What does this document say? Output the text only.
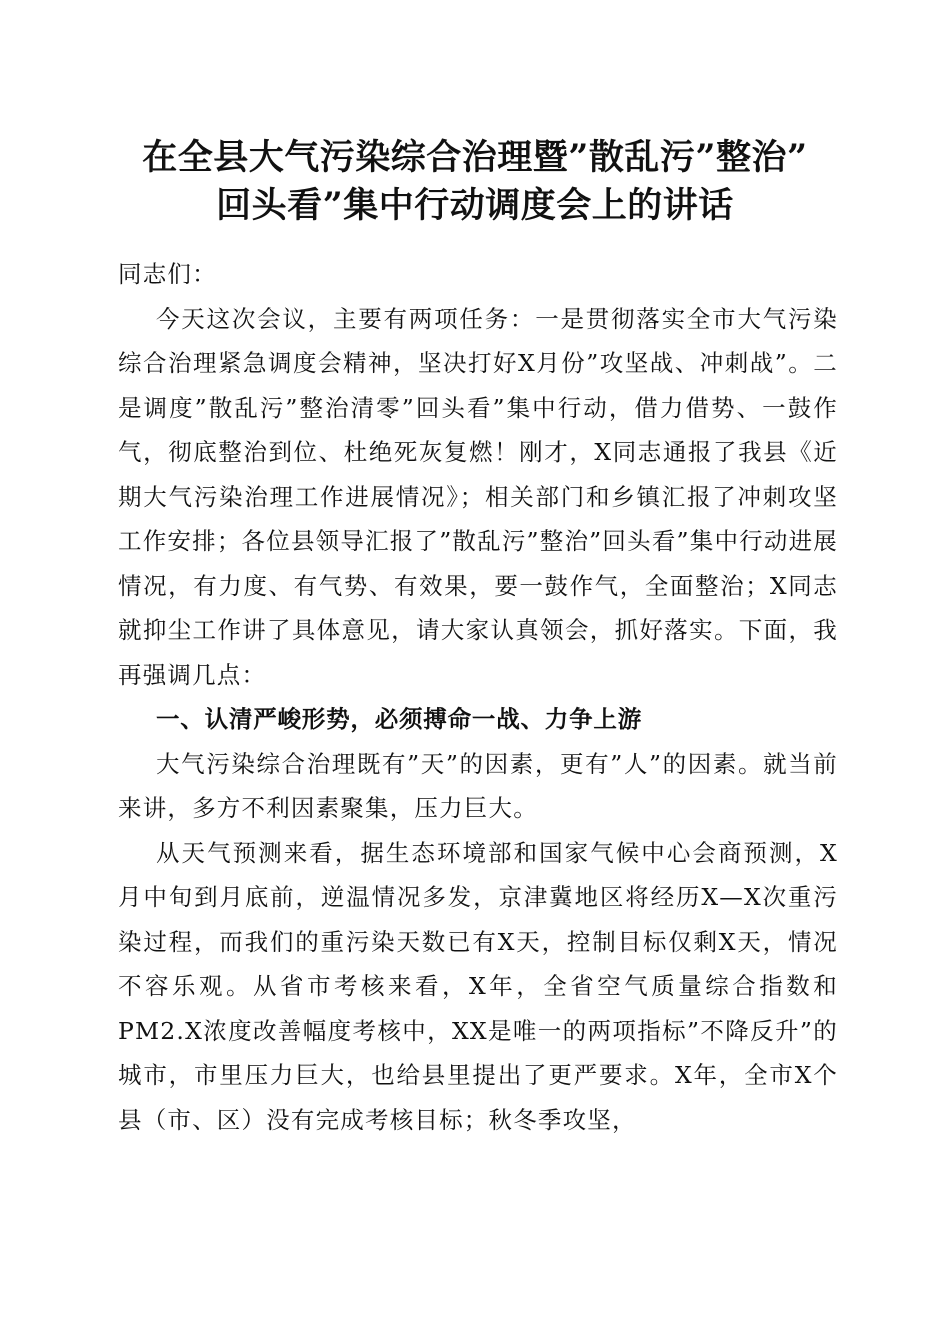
在全县大气污染综合治理暨”散乱污”整治”
回头看”集中行动调度会上的讲话

同志们：

今天这次会议，主要有两项任务：一是贯彻落实全市大气污染综合治理紧急调度会精神，坚决打好X月份”攻坚战、冲刺战”。二是调度”散乱污”整治清零”回头看”集中行动，借力借势、一鼓作气，彻底整治到位、杜绝死灰复燃！刚才，X同志通报了我县《近期大气污染治理工作进展情况》；相关部门和乡镇汇报了冲刺攻坚工作安排；各位县领导汇报了”散乱污”整治”回头看”集中行动进展情况，有力度、有气势、有效果，要一鼓作气，全面整治；X同志就抑尘工作讲了具体意见，请大家认真领会，抓好落实。下面，我再强调几点：

一、认清严峻形势，必须搏命一战、力争上游

大气污染综合治理既有”天”的因素，更有”人”的因素。就当前来讲，多方不利因素聚集，压力巨大。

从天气预测来看，据生态环境部和国家气候中心会商预测，X月中旬到月底前，逆温情况多发，京津冀地区将经历X—X次重污染过程，而我们的重污染天数已有X天，控制目标仅剩X天，情况不容乐观。从省市考核来看，X年，全省空气质量综合指数和PM2.X浓度改善幅度考核中，XX是唯一的两项指标”不降反升”的城市，市里压力巨大，也给县里提出了更严要求。X年，全市X个县（市、区）没有完成考核目标；秋冬季攻坚，
